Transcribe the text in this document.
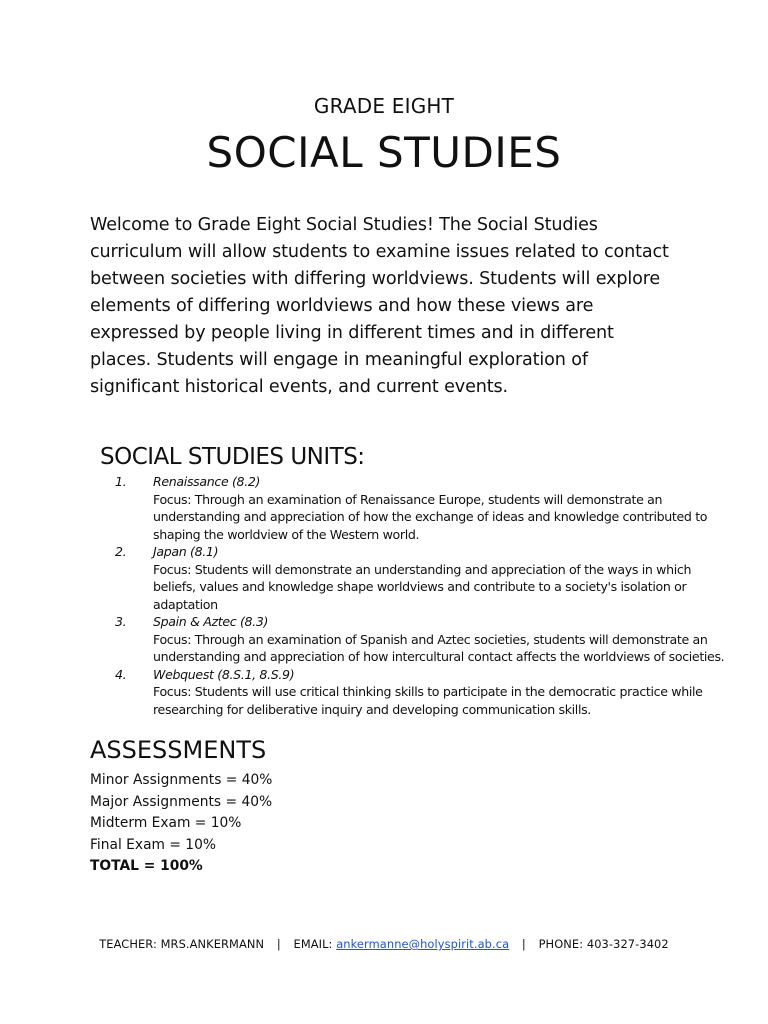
GRADE EIGHT
SOCIAL STUDIES

Welcome to Grade Eight Social Studies! The Social Studies curriculum will allow students to examine issues related to contact between societies with differing worldviews. Students will explore elements of differing worldviews and how these views are expressed by people living in different times and in different places. Students will engage in meaningful exploration of significant historical events, and current events.

SOCIAL STUDIES UNITS:
1. Renaissance (8.2)
Focus: Through an examination of Renaissance Europe, students will demonstrate an understanding and appreciation of how the exchange of ideas and knowledge contributed to shaping the worldview of the Western world.
2. Japan (8.1)
Focus: Students will demonstrate an understanding and appreciation of the ways in which beliefs, values and knowledge shape worldviews and contribute to a society's isolation or adaptation
3. Spain & Aztec (8.3)
Focus: Through an examination of Spanish and Aztec societies, students will demonstrate an understanding and appreciation of how intercultural contact affects the worldviews of societies.
4. Webquest (8.S.1, 8.S.9)
Focus: Students will use critical thinking skills to participate in the democratic practice while researching for deliberative inquiry and developing communication skills.
ASSESSMENTS
Minor Assignments = 40%
Major Assignments = 40%
Midterm Exam = 10%
Final Exam = 10%
TOTAL = 100%
TEACHER: MRS.ANKERMANN | EMAIL: ankermanne@holyspirit.ab.ca | PHONE: 403-327-3402
